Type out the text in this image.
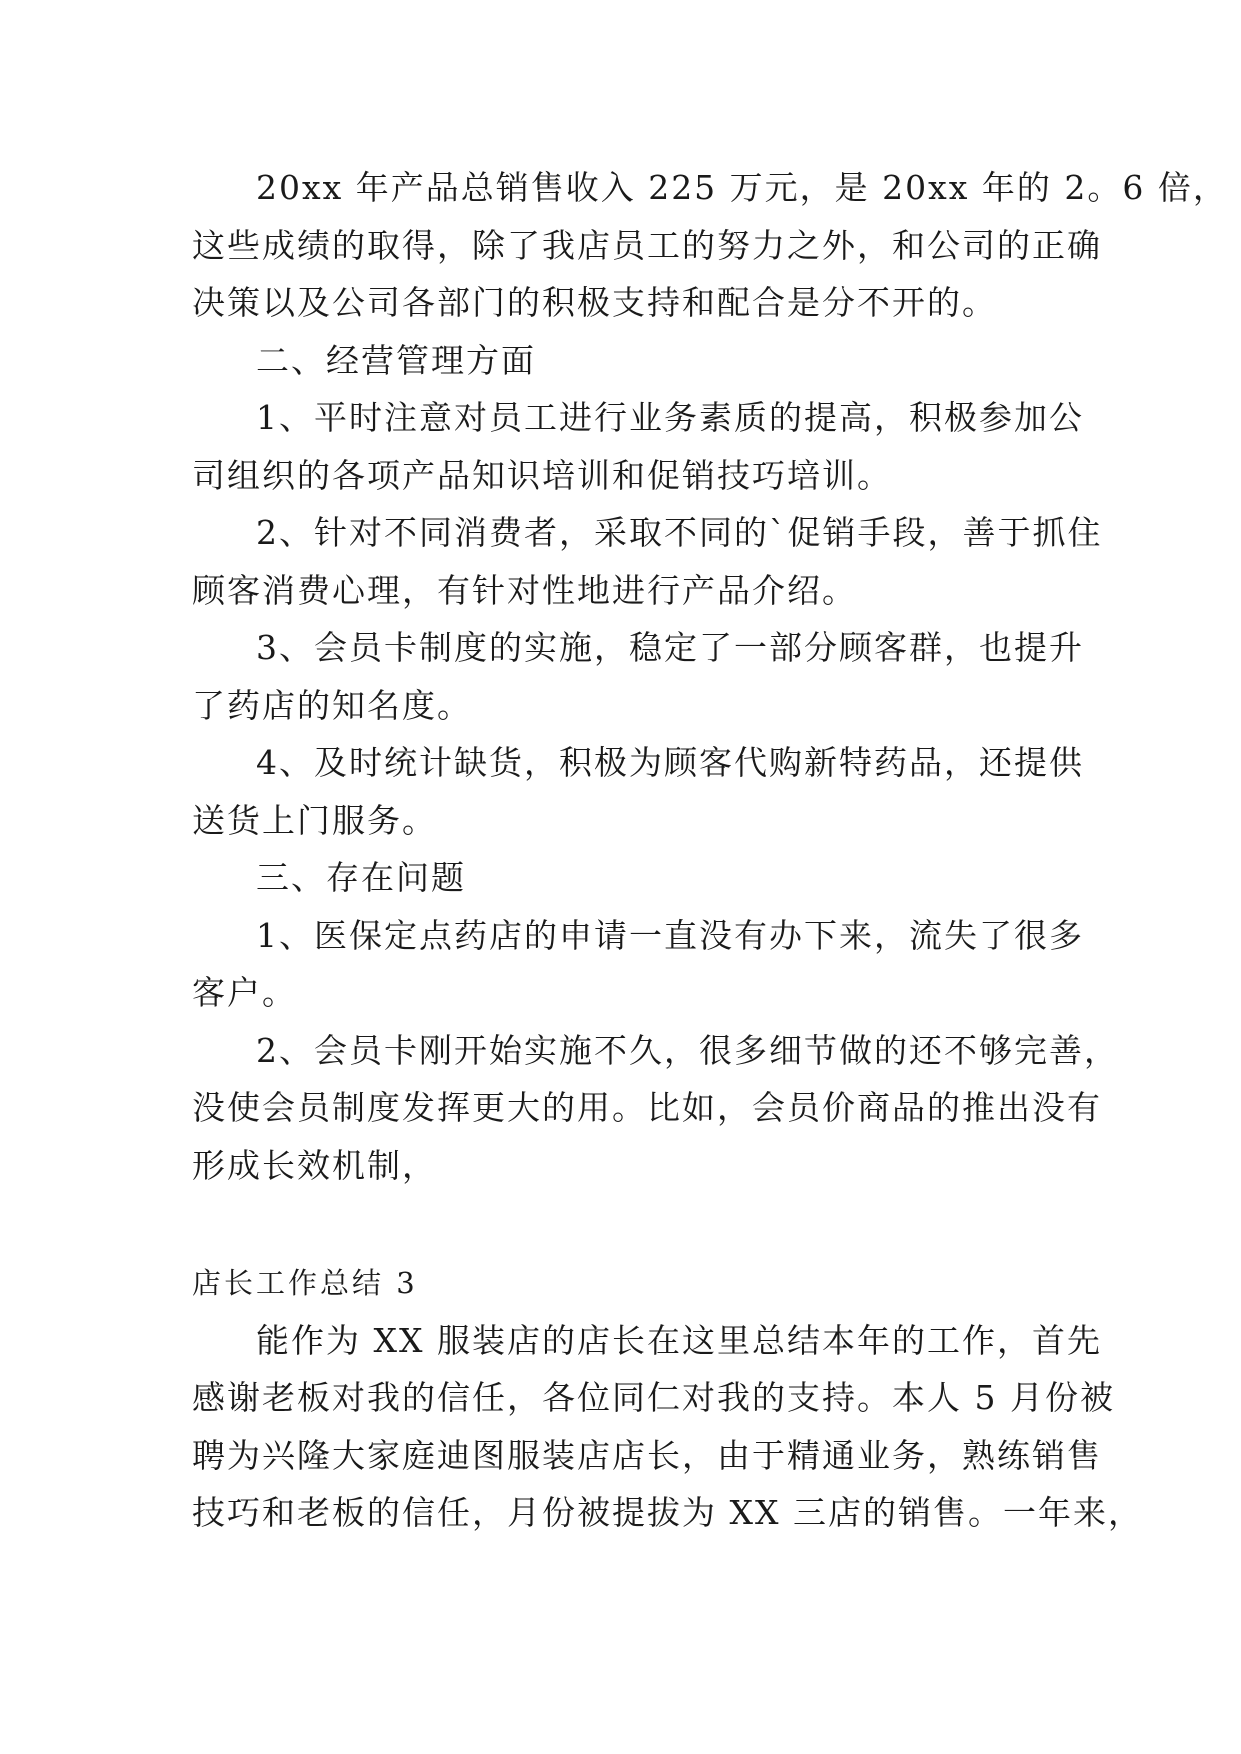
20xx 年产品总销售收入 225 万元，是 20xx 年的 2。6 倍，
这些成绩的取得，除了我店员工的努力之外，和公司的正确
决策以及公司各部门的积极支持和配合是分不开的。
二、经营管理方面
1、平时注意对员工进行业务素质的提高，积极参加公
司组织的各项产品知识培训和促销技巧培训。
2、针对不同消费者，采取不同的`促销手段，善于抓住
顾客消费心理，有针对性地进行产品介绍。
3、会员卡制度的实施，稳定了一部分顾客群，也提升
了药店的知名度。
4、及时统计缺货，积极为顾客代购新特药品，还提供
送货上门服务。
三、存在问题
1、医保定点药店的申请一直没有办下来，流失了很多
客户。
2、会员卡刚开始实施不久，很多细节做的还不够完善，
没使会员制度发挥更大的用。比如，会员价商品的推出没有
形成长效机制，
店长工作总结 3
能作为 XX 服装店的店长在这里总结本年的工作，首先
感谢老板对我的信任，各位同仁对我的支持。本人 5 月份被
聘为兴隆大家庭迪图服装店店长，由于精通业务，熟练销售
技巧和老板的信任，月份被提拔为 XX 三店的销售。一年来，
